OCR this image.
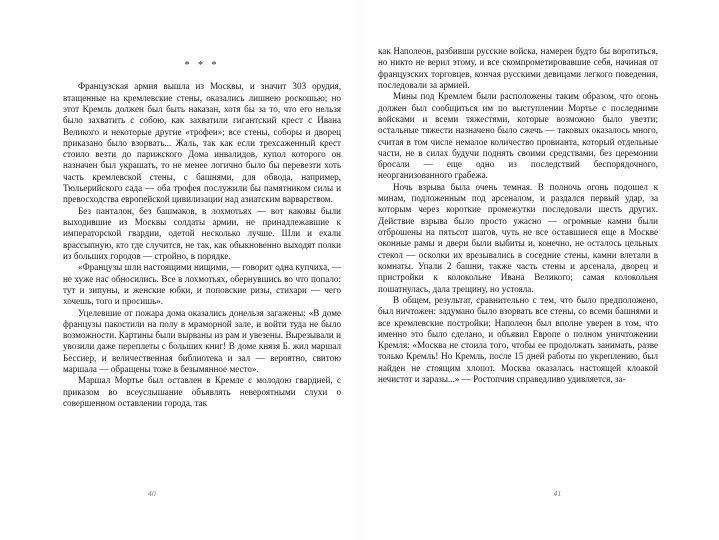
* * *

Французская армия вышла из Москвы, и значит 303 орудия, втащенные на кремлевские стены, оказались лишнею роскошью; но этот Кремль должен был быть наказан, хотя бы за то, что его нельзя было захватить с собою, как захватили гигантский крест с Ивана Великого и некоторые другие «трофеи»; все стены, соборы и дворец приказано было взорвать... Жаль, так как если трехсаженный крест стоило везти до парижского Дома инвалидов, купол которого он назначен был украшать, то не менее логично было бы перевезти хоть часть кремлевской стены, с башнями, для обвода, например, Тюльерийского сада — оба трофея послужили бы памятником силы и превосходства европейской цивилизации над азиатским варварством.

Без панталон, без башмаков, в лохмотьях — вот каковы были выходившие из Москвы солдаты армии, не принадлежавшие к императорской гвардии, одетой несколько лучше. Шли и ехали врассыпную, кто где случится, не так, как обыкновенно выходят полки из больших городов — стройно, в порядке.

«Французы шли настоящими нищими, — говорит одна купчиха, — не хуже нас обносились. Все в лохмотьях, обернувшись во что попало: тут и зипуны, и женские юбки, и поповские ризы, стихари — чего хочешь, того и просишь».

Уцелевшие от пожара дома оказались донельзя загажены: «В доме французы пакостили на полу в мраморной зале, и войти туда не было возможности. Картины были вырваны из рам и увезены. Вырезывали и увозили даже переплеты с больших книг! В доме князя Б. жил маршал Бессиер, и величественная библиотека и зал — вероятно, свитою маршала — обращены тоже в безымянное место».

Маршал Мортье был оставлен в Кремле с молодою гвардией, с приказом во всеуслышание объявлять невероятными слухи о совершенном оставлении города, так

40

как Наполеон, разбивши русские войска, намерен будто бы воротиться, но никто не верил этому, и все скомпрометировавшие себя, начиная от французских торговцев, кончая русскими девицами легкого поведения, последовали за армией.

Мины под Кремлем были расположены таким образом, что огонь должен был сообщиться им по выступлении Мортье с последними войсками и всеми тяжестями, которые возможно было увезти; остальные тяжести назначено было сжечь — таковых оказалось много, считая в том числе немалое количество провианта, который отдельные части, не в силах будучи поднять своими средствами, без церемонии бросали — еще одно из последствий беспорядочного, неорганизованного грабежа.

Ночь взрыва была очень темная. В полночь огонь подошел к минам, подложенным под арсеналом, и раздался первый удар, за которым через короткие промежутки последовали шесть других. Действие взрыва было просто ужасно — огромные камни были отброшены на пятьсот шагов, чуть не все оставшиеся еще в Москве оконные рамы и двери были выбиты и, конечно, не осталось цельных стекол — осколки их врезывались в соседние стены, камни влетали в комнаты. Упали 2 башни, также часть стены и арсенала, дворец и пристройки к колокольне Ивана Великого; самая колокольня пошатнулась, дала трещину, но устояла.

В общем, результат, сравнительно с тем, что было предположено, был ничтожен: задумано было взорвать все стены, со всеми башнями и все кремлевские постройки; Наполеон был вполне уверен в том, что именно это было сделано, и объявил Европе о полном уничтожении Кремля: «Москва не стоила того, чтобы ее продолжать занимать, разве только Кремль! Но Кремль, после 15 дней работы по укреплению, был найден не стоящим хлопот. Москва оказалась настоящей клоакой нечистот и заразы...» — Ростопчин справедливо удивляется, за-

41
